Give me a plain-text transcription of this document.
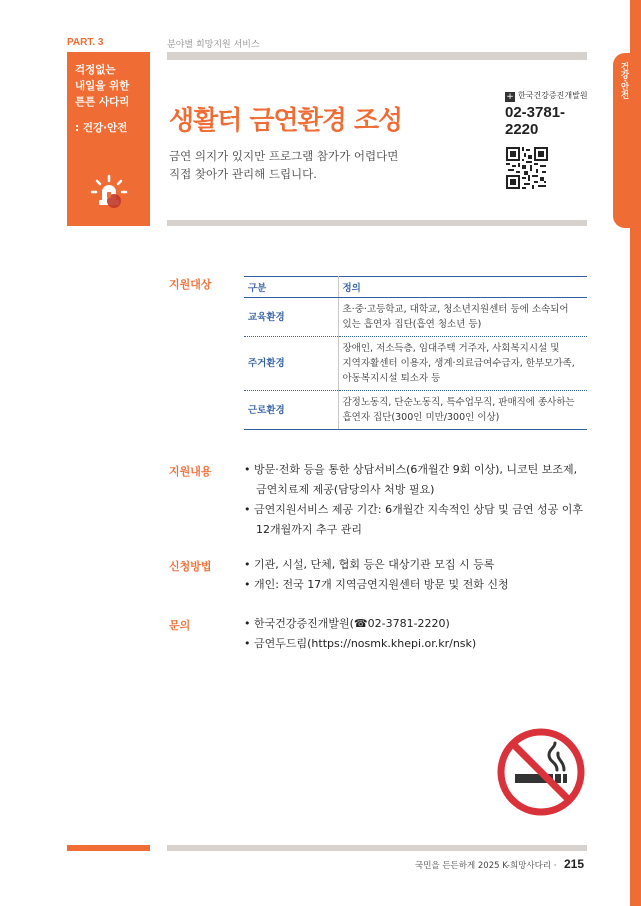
건강·안전
PART. 3	분야별 희망지원 서비스
걱정없는
내일을 위한
튼튼 사다리
: 건강·안전 생활터 금연환경 조성
금연 의지가 있지만 프로그램 참가가 어렵다면
직접 찾아가 관리해 드립니다.
+ 한국건강증진개발원
02-3781-
2220
지원대상	구분	정의
교육환경	초·중·고등학교, 대학교, 청소년지원센터 등에 소속되어
있는 흡연자 집단(흡연 청소년 등)

주거환경	장애인, 저소득층, 임대주택 거주자, 사회복지시설 및
지역자활센터 이용자, 생계·의료급여수급자, 한부모가족,
아동복지시설 퇴소자 등

근로환경	감정노동직, 단순노동직, 특수업무직, 판매직에 종사하는
흡연자 집단(300인 미만/300인 이상)
지원내용	• 방문·전화 등을 통한 상담서비스(6개월간 9회 이상), 니코틴 보조제,
금연치료제 제공(담당의사 처방 필요)
• 금연지원서비스 제공 기간: 6개월간 지속적인 상담 및 금연 성공 이후
12개월까지 추구 관리
신청방법	• 기관, 시설, 단체, 협회 등은 대상기관 모집 시 등록
• 개인: 전국 17개 지역금연지원센터 방문 및 전화 신청
문의	• 한국건강증진개발원(☎02-3781-2220)
• 금연두드림(https://nosmk.khepi.or.kr/nsk)
국민을 든든하게 2025 K-희망사다리 · 215
